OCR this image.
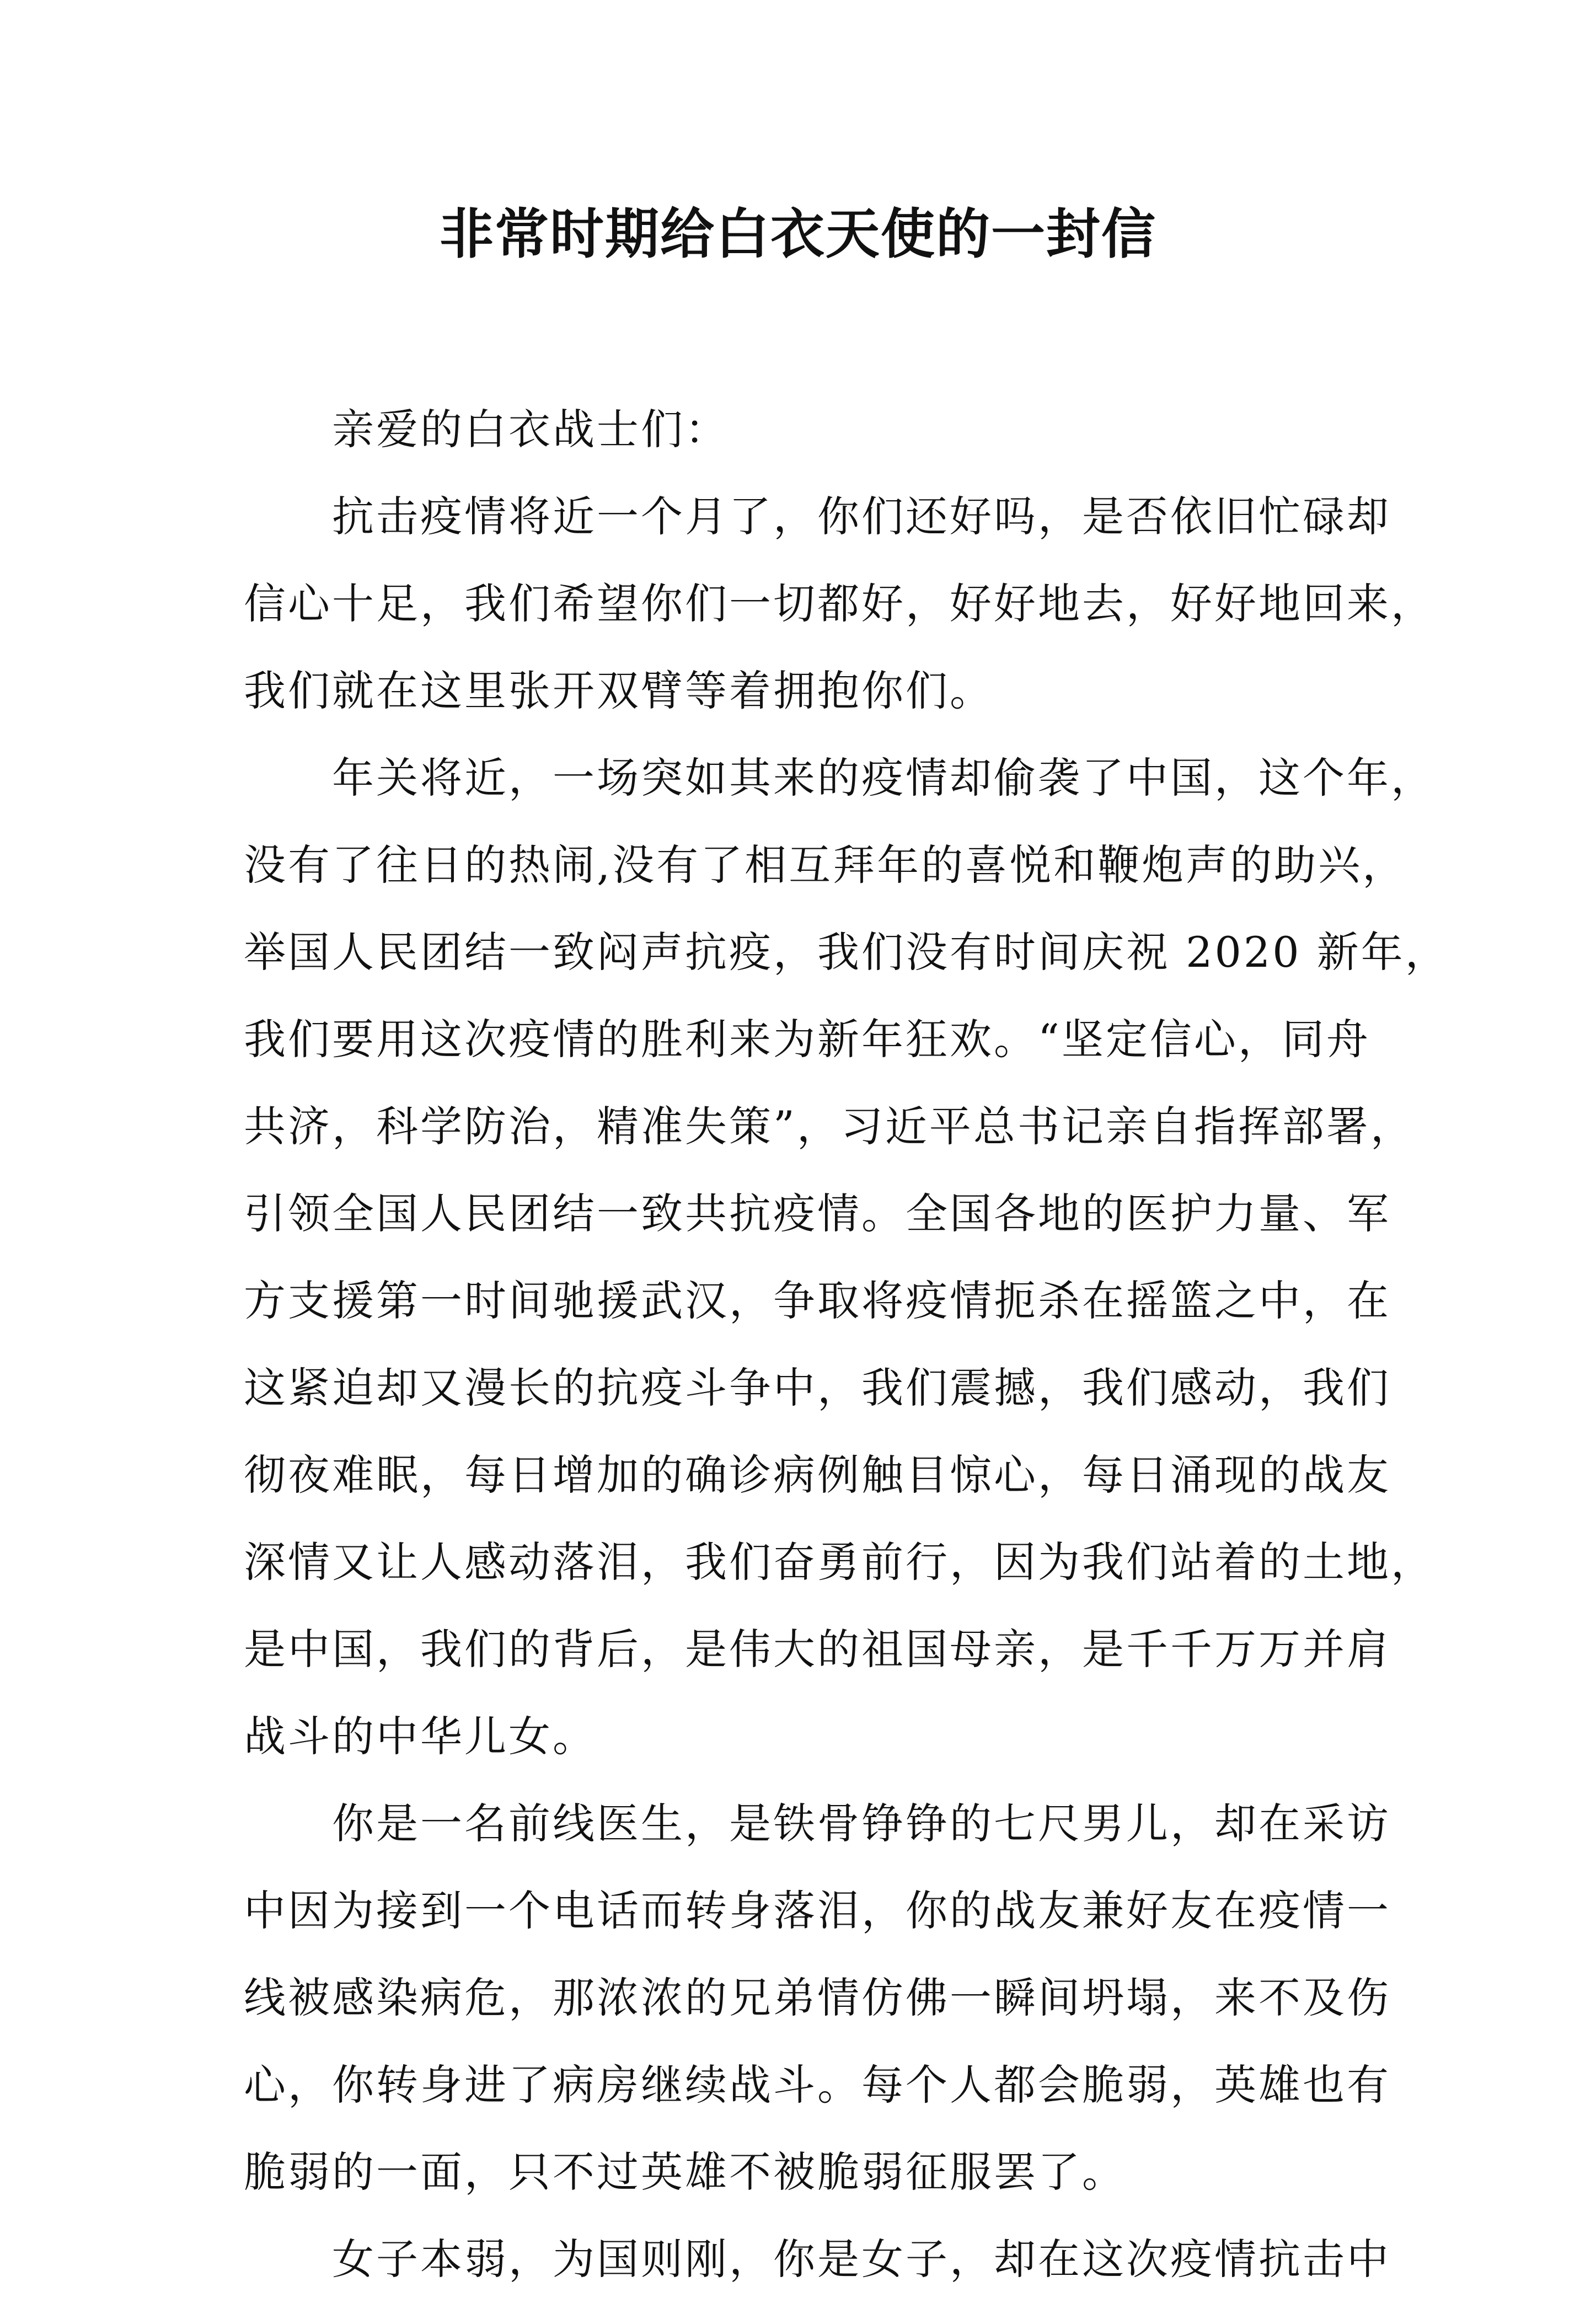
非常时期给白衣天使的一封信
亲爱的白衣战士们：
抗击疫情将近一个月了，你们还好吗，是否依旧忙碌却
信心十足，我们希望你们一切都好，好好地去，好好地回来，
我们就在这里张开双臂等着拥抱你们。
年关将近，一场突如其来的疫情却偷袭了中国，这个年，
没有了往日的热闹,没有了相互拜年的喜悦和鞭炮声的助兴，
举国人民团结一致闷声抗疫，我们没有时间庆祝 2020 新年，
我们要用这次疫情的胜利来为新年狂欢。“坚定信心，同舟
共济，科学防治，精准失策”，习近平总书记亲自指挥部署，
引领全国人民团结一致共抗疫情。全国各地的医护力量、军
方支援第一时间驰援武汉，争取将疫情扼杀在摇篮之中，在
这紧迫却又漫长的抗疫斗争中，我们震撼，我们感动，我们
彻夜难眠，每日增加的确诊病例触目惊心，每日涌现的战友
深情又让人感动落泪，我们奋勇前行，因为我们站着的土地，
是中国，我们的背后，是伟大的祖国母亲，是千千万万并肩
战斗的中华儿女。
你是一名前线医生，是铁骨铮铮的七尺男儿，却在采访
中因为接到一个电话而转身落泪，你的战友兼好友在疫情一
线被感染病危，那浓浓的兄弟情仿佛一瞬间坍塌，来不及伤
心，你转身进了病房继续战斗。每个人都会脆弱，英雄也有
脆弱的一面，只不过英雄不被脆弱征服罢了。
女子本弱，为国则刚，你是女子，却在这次疫情抗击中
